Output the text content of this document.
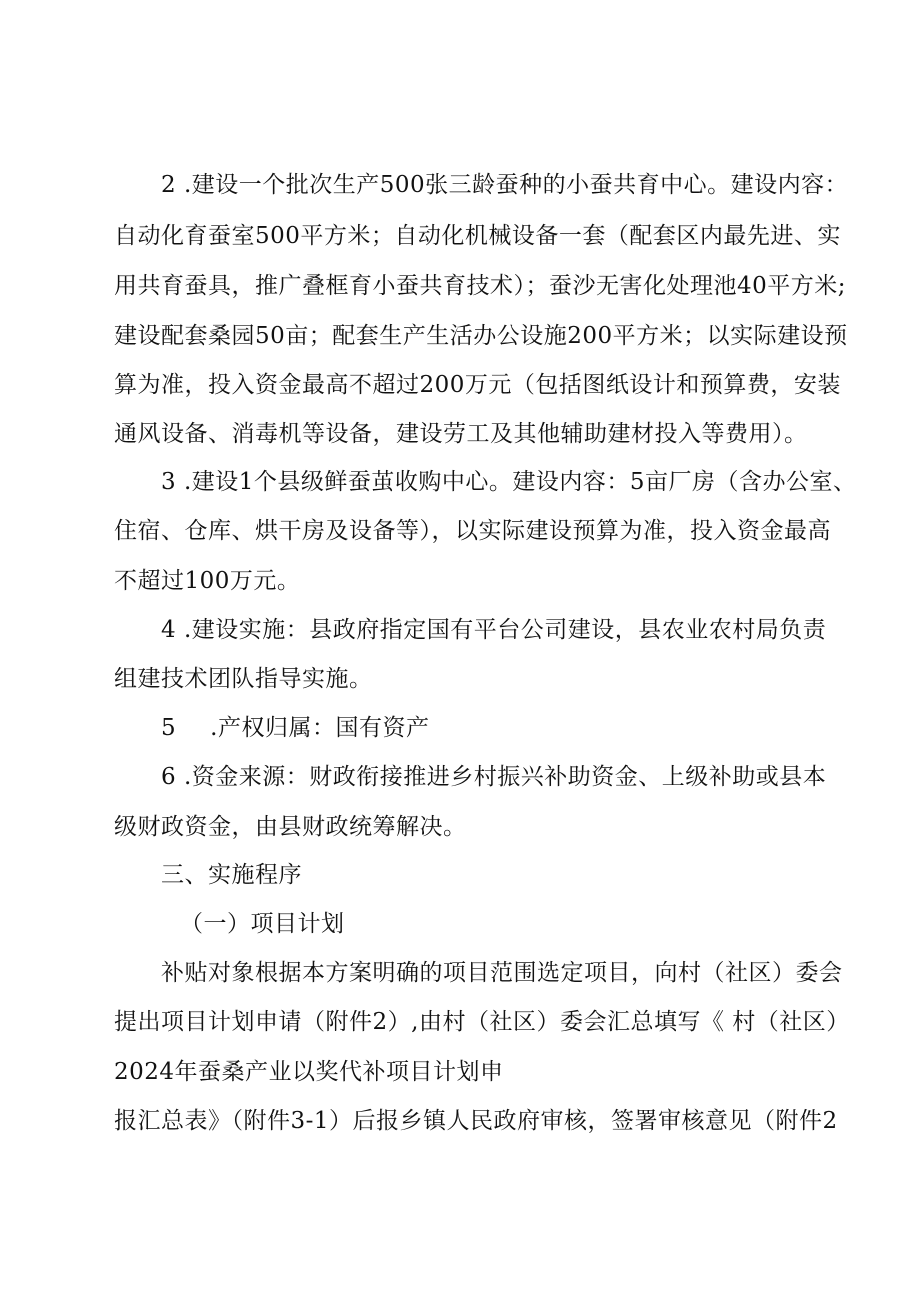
2 .建设一个批次生产500张三龄蚕种的小蚕共育中心。建设内容：
自动化育蚕室500平方米；自动化机械设备一套（配套区内最先进、实
用共育蚕具，推广叠框育小蚕共育技术）；蚕沙无害化处理池40平方米;
建设配套桑园50亩；配套生产生活办公设施200平方米；以实际建设预
算为准，投入资金最高不超过200万元（包括图纸设计和预算费，安装
通风设备、消毒机等设备，建设劳工及其他辅助建材投入等费用）。
3 .建设1个县级鲜蚕茧收购中心。建设内容：5亩厂房（含办公室、
住宿、仓库、烘干房及设备等），以实际建设预算为准，投入资金最高
不超过100万元。
4 .建设实施：县政府指定国有平台公司建设，县农业农村局负责
组建技术团队指导实施。
5 .产权归属：国有资产
6 .资金来源：财政衔接推进乡村振兴补助资金、上级补助或县本
级财政资金，由县财政统筹解决。
三、实施程序
（一）项目计划
补贴对象根据本方案明确的项目范围选定项目，向村（社区）委会
提出项目计划申请（附件2）,由村（社区）委会汇总填写《 村（社区）
2024年蚕桑产业以奖代补项目计划申
报汇总表》（附件3-1）后报乡镇人民政府审核，签署审核意见（附件2
